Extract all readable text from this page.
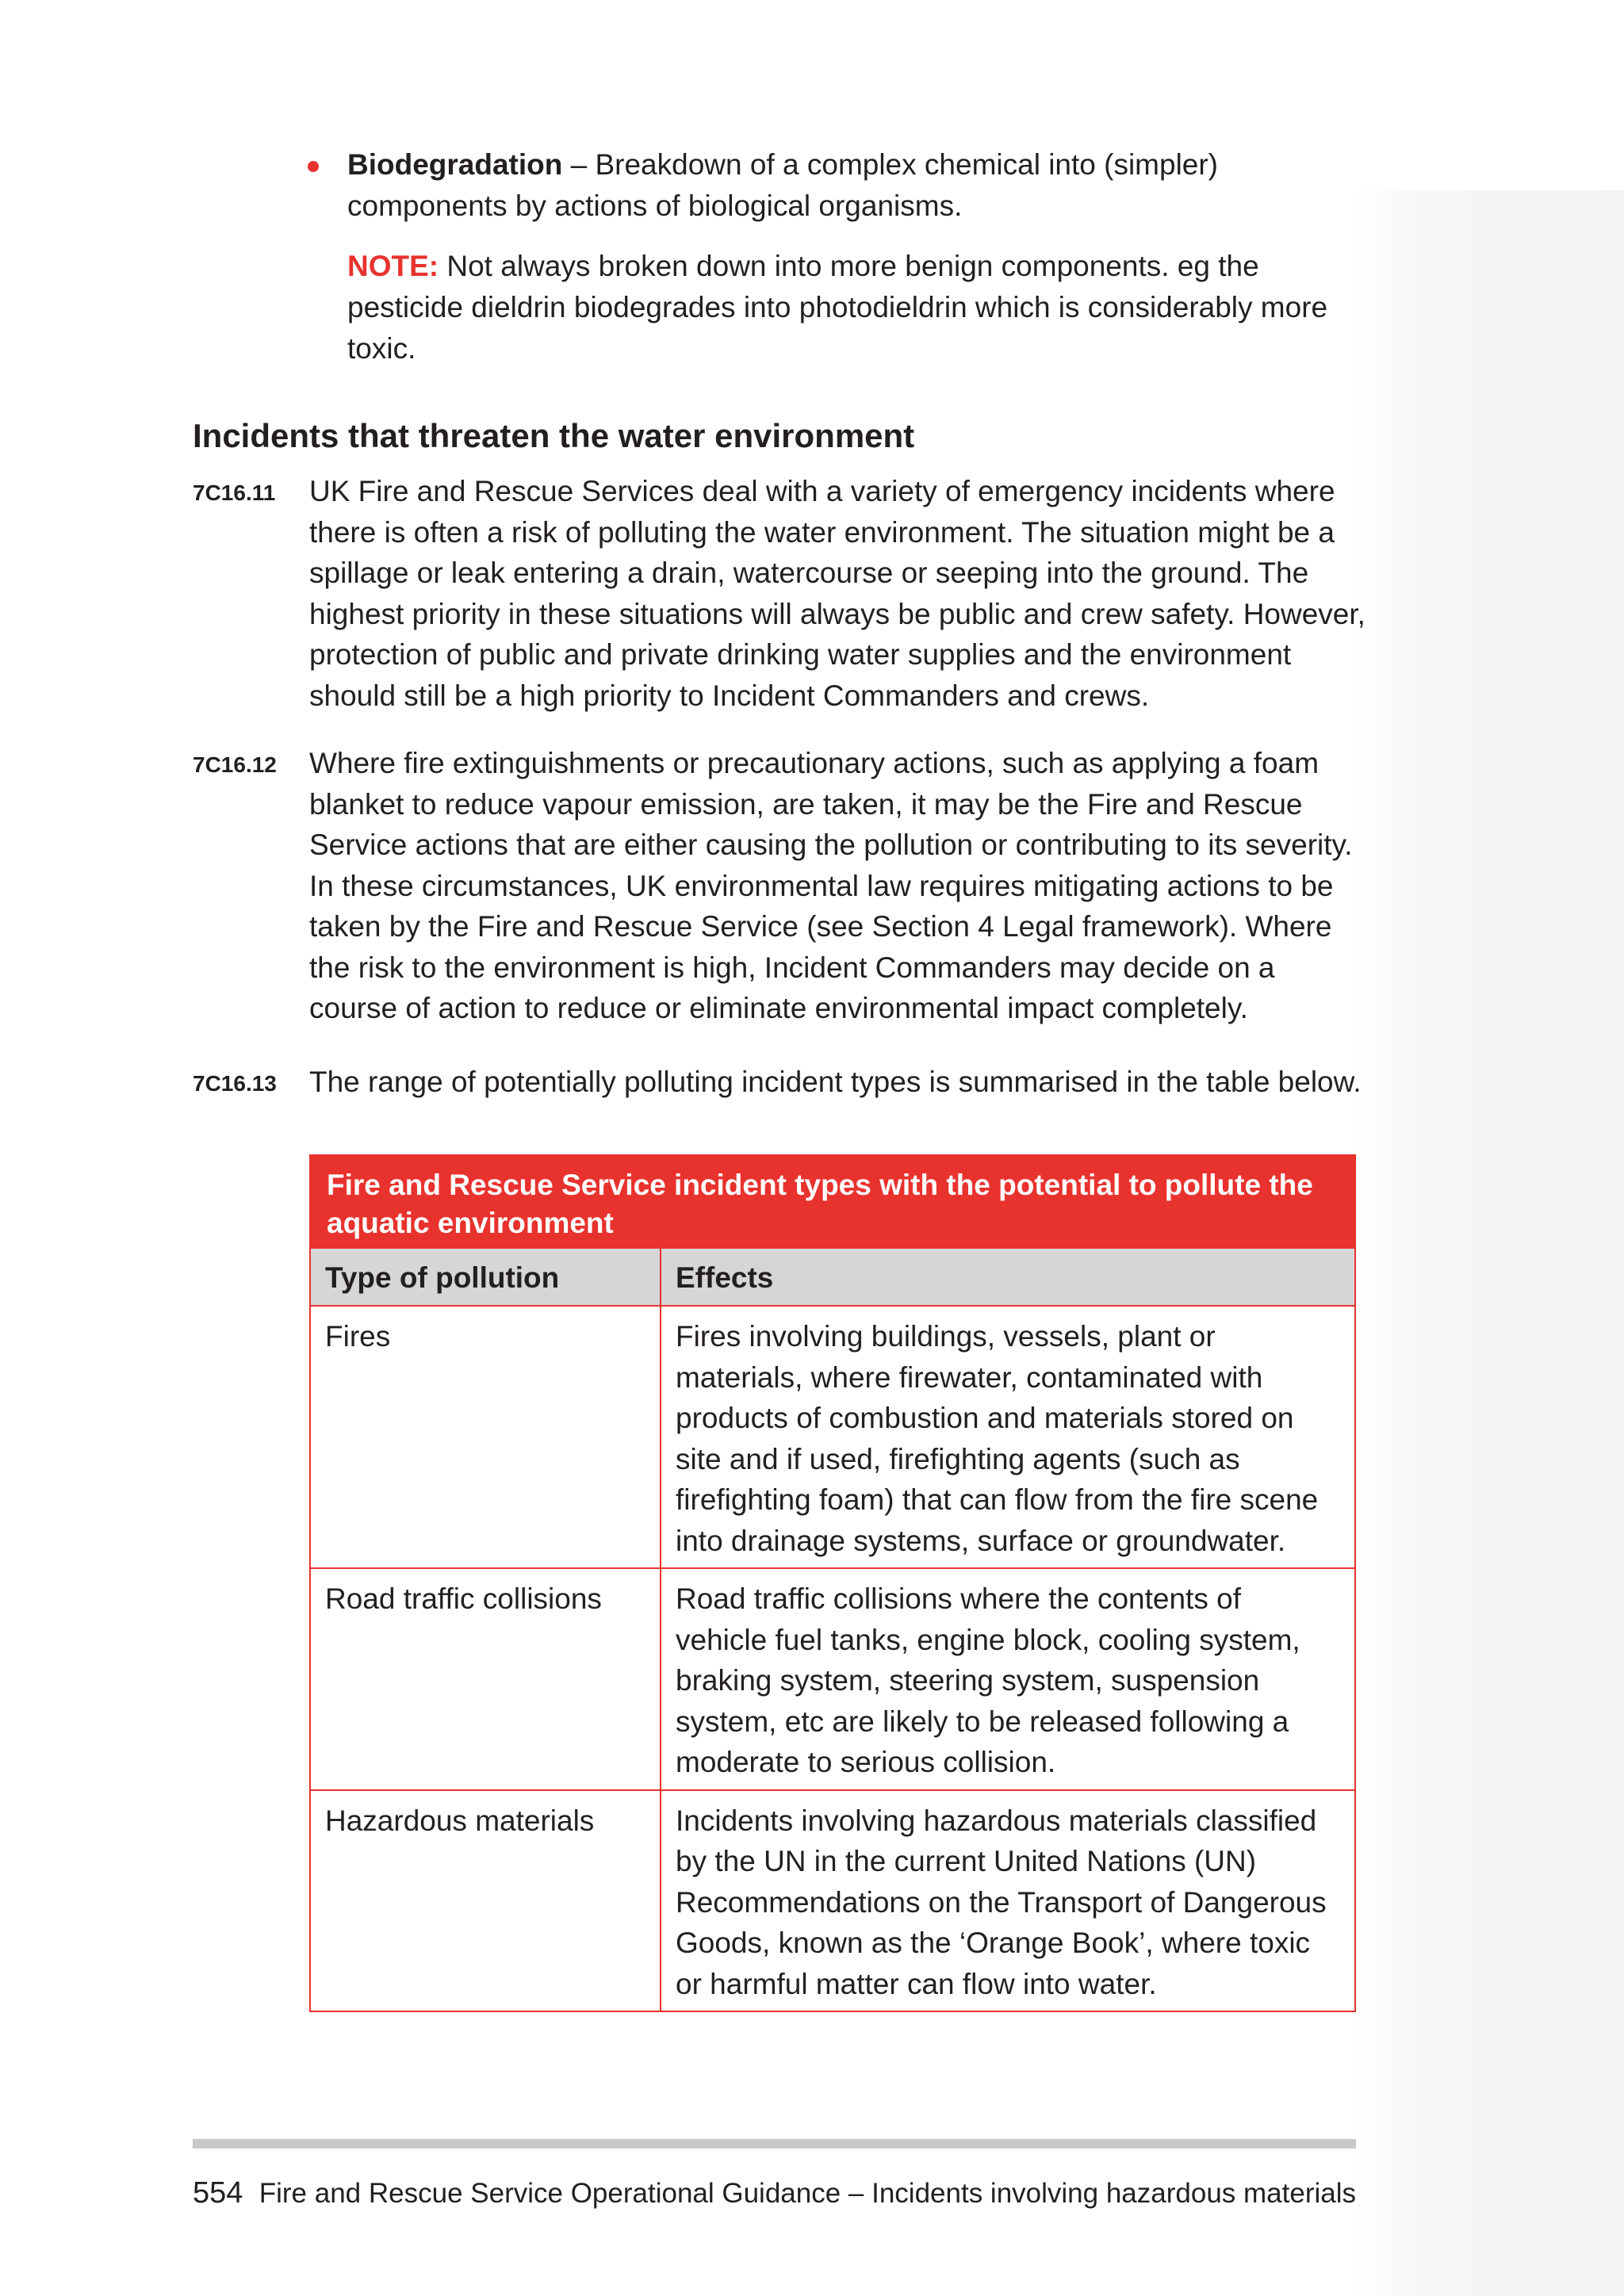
Biodegradation – Breakdown of a complex chemical into (simpler) components by actions of biological organisms.
NOTE: Not always broken down into more benign components. eg the pesticide dieldrin biodegrades into photodieldrin which is considerably more toxic.
Incidents that threaten the water environment
7C16.11 UK Fire and Rescue Services deal with a variety of emergency incidents where there is often a risk of polluting the water environment. The situation might be a spillage or leak entering a drain, watercourse or seeping into the ground. The highest priority in these situations will always be public and crew safety. However, protection of public and private drinking water supplies and the environment should still be a high priority to Incident Commanders and crews.
7C16.12 Where fire extinguishments or precautionary actions, such as applying a foam blanket to reduce vapour emission, are taken, it may be the Fire and Rescue Service actions that are either causing the pollution or contributing to its severity. In these circumstances, UK environmental law requires mitigating actions to be taken by the Fire and Rescue Service (see Section 4 Legal framework). Where the risk to the environment is high, Incident Commanders may decide on a course of action to reduce or eliminate environmental impact completely.
7C16.13 The range of potentially polluting incident types is summarised in the table below.
Fire and Rescue Service incident types with the potential to pollute the aquatic environment
Type of pollution	Effects
Fires	Fires involving buildings, vessels, plant or materials, where firewater, contaminated with products of combustion and materials stored on site and if used, firefighting agents (such as firefighting foam) that can flow from the fire scene into drainage systems, surface or groundwater.
Road traffic collisions	Road traffic collisions where the contents of vehicle fuel tanks, engine block, cooling system, braking system, steering system, suspension system, etc are likely to be released following a moderate to serious collision.
Hazardous materials	Incidents involving hazardous materials classified by the UN in the current United Nations (UN) Recommendations on the Transport of Dangerous Goods, known as the ‘Orange Book’, where toxic or harmful matter can flow into water.
554 Fire and Rescue Service Operational Guidance – Incidents involving hazardous materials
